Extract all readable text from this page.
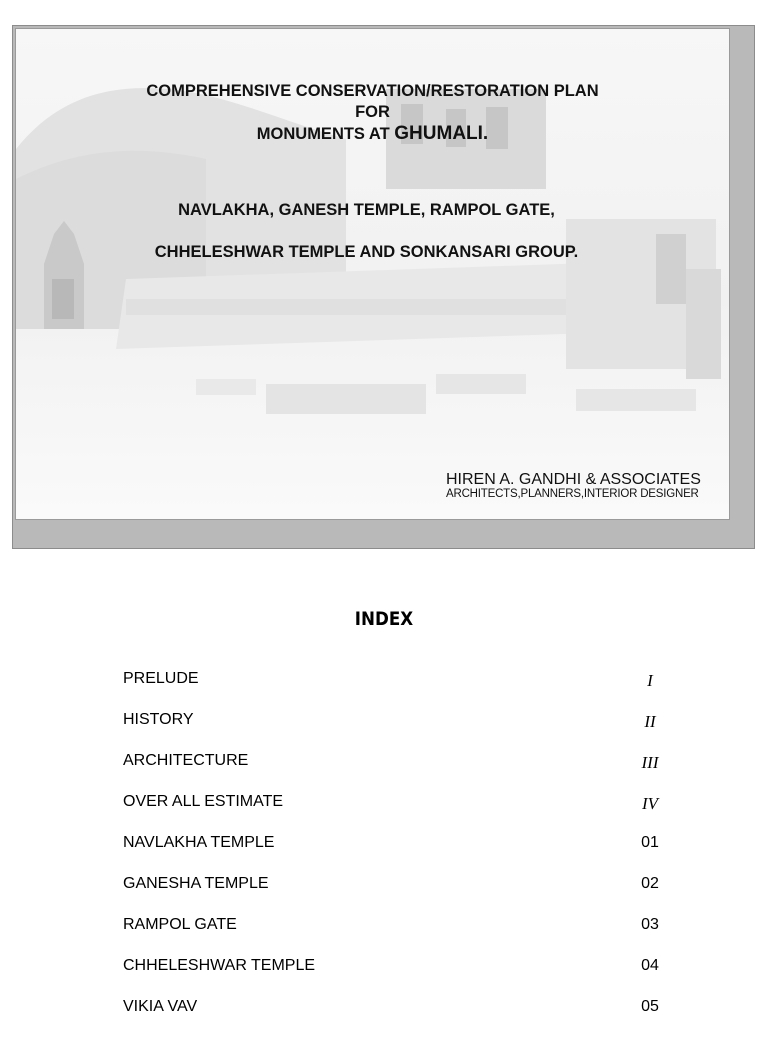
COMPREHENSIVE CONSERVATION/RESTORATION PLAN
FOR
MONUMENTS AT GHUMALI.
NAVLAKHA, GANESH TEMPLE, RAMPOL GATE,
CHHELESHWAR TEMPLE AND SONKANSARI GROUP.
HIREN A. GANDHI & ASSOCIATES
ARCHITECTS,PLANNERS,INTERIOR DESIGNER
INDEX
PRELUDE	I
HISTORY	II
ARCHITECTURE	III
OVER ALL ESTIMATE	IV
NAVLAKHA TEMPLE	01
GANESHA TEMPLE	02
RAMPOL GATE	03
CHHELESHWAR TEMPLE	04
VIKIA VAV	05
